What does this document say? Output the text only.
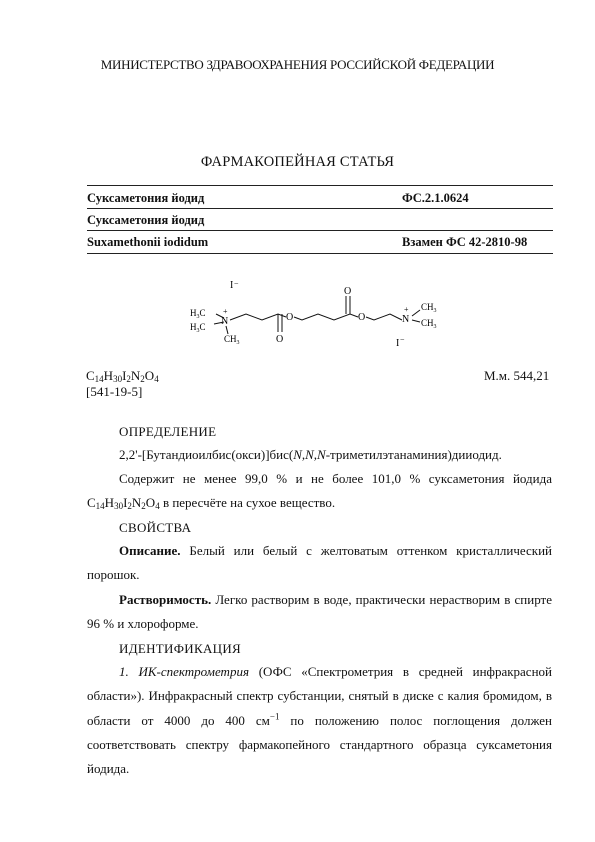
МИНИСТЕРСТВО ЗДРАВООХРАНЕНИЯ РОССИЙСКОЙ ФЕДЕРАЦИИ
ФАРМАКОПЕЙНАЯ СТАТЬЯ
Суксаметония йодид	ФС.2.1.0624
Суксаметония йодид
Suxamethonii iodidum	Взамен ФС 42-2810-98
I −
I −
$H_3C$
$H_3C$ N
+
$CH_3$
O
O
O
O	N
+ $CH_3$
$CH_3$
$C_{14}H_{30}I_2N_2O_4$
[541-19-5]
М.м. 544,21
ОПРЕДЕЛЕНИЕ
2,2'-[Бутандиоилбис(окси)]бис(N,N,N-триметилэтанаминия)дииодид.
Содержит не менее 99,0 % и не более 101,0 % суксаметония йодида $C_{14}H_{30}I_2N_2O_4$ в пересчёте на сухое вещество.
СВОЙСТВА
Описание. Белый или белый с желтоватым оттенком кристаллический порошок.
Растворимость. Легко растворим в воде, практически нерастворим в спирте 96 % и хлороформе.
ИДЕНТИФИКАЦИЯ
1. ИК-спектрометрия (ОФС «Спектрометрия в средней инфракрасной области»). Инфракрасный спектр субстанции, снятый в диске с калия бромидом, в области от 4000 до 400 $см^{-1}$ по положению полос поглощения должен соответствовать спектру фармакопейного стандартного образца суксаметония йодида.
